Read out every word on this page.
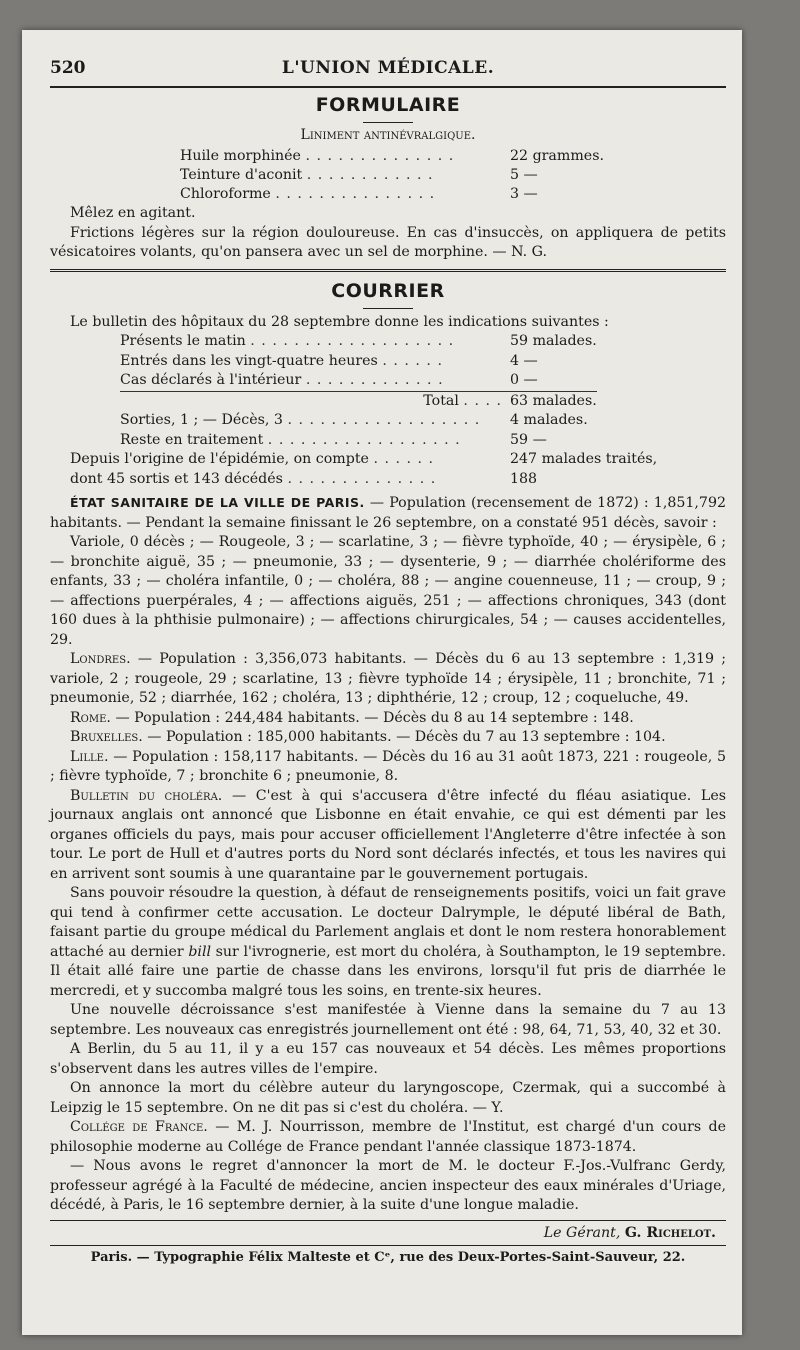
520	L'UNION MÉDICALE.
FORMULAIRE
Liniment antinévralgique.
Huile morphinée . . . . . . . . . . . . . .	22 grammes.
Teinture d'aconit . . . . . . . . . . . .	5 —
Chloroforme . . . . . . . . . . . . . . .	3 —

Mêlez en agitant.

Frictions légères sur la région douloureuse. En cas d'insuccès, on appliquera de petits vésicatoires volants, qu'on pansera avec un sel de morphine. — N. G.

COURRIER

Le bulletin des hôpitaux du 28 septembre donne les indications suivantes :

Présents le matin . . . . . . . . . . . . . . . . . . .	59 malades.
Entrés dans les vingt-quatre heures . . . . . .	4 —
Cas déclarés à l'intérieur . . . . . . . . . . . . .	0 —
Total . . . .	63 malades.
Sorties, 1 ; — Décès, 3 . . . . . . . . . . . . . . . . . .	4 malades.
Reste en traitement . . . . . . . . . . . . . . . . . .	59 —
Depuis l'origine de l'épidémie, on compte . . . . . .	247 malades traités,
dont 45 sortis et 143 décédés . . . . . . . . . . . . . .	188

ÉTAT SANITAIRE DE LA VILLE DE PARIS. — Population (recensement de 1872) : 1,851,792 habitants. — Pendant la semaine finissant le 26 septembre, on a constaté 951 décès, savoir :

Variole, 0 décès ; — Rougeole, 3 ; — scarlatine, 3 ; — fièvre typhoïde, 40 ; — érysipèle, 6 ; — bronchite aiguë, 35 ; — pneumonie, 33 ; — dysenterie, 9 ; — diarrhée cholériforme des enfants, 33 ; — choléra infantile, 0 ; — choléra, 88 ; — angine couenneuse, 11 ; — croup, 9 ; — affections puerpérales, 4 ; — affections aiguës, 251 ; — affections chroniques, 343 (dont 160 dues à la phthisie pulmonaire) ; — affections chirurgicales, 54 ; — causes accidentelles, 29.

Londres. — Population : 3,356,073 habitants. — Décès du 6 au 13 septembre : 1,319 ; variole, 2 ; rougeole, 29 ; scarlatine, 13 ; fièvre typhoïde 14 ; érysipèle, 11 ; bronchite, 71 ; pneumonie, 52 ; diarrhée, 162 ; choléra, 13 ; diphthérie, 12 ; croup, 12 ; coqueluche, 49.

Rome. — Population : 244,484 habitants. — Décès du 8 au 14 septembre : 148.

Bruxelles. — Population : 185,000 habitants. — Décès du 7 au 13 septembre : 104.

Lille. — Population : 158,117 habitants. — Décès du 16 au 31 août 1873, 221 : rougeole, 5 ; fièvre typhoïde, 7 ; bronchite 6 ; pneumonie, 8.

Bulletin du choléra. — C'est à qui s'accusera d'être infecté du fléau asiatique. Les journaux anglais ont annoncé que Lisbonne en était envahie, ce qui est démenti par les organes officiels du pays, mais pour accuser officiellement l'Angleterre d'être infectée à son tour. Le port de Hull et d'autres ports du Nord sont déclarés infectés, et tous les navires qui en arrivent sont soumis à une quarantaine par le gouvernement portugais.

Sans pouvoir résoudre la question, à défaut de renseignements positifs, voici un fait grave qui tend à confirmer cette accusation. Le docteur Dalrymple, le député libéral de Bath, faisant partie du groupe médical du Parlement anglais et dont le nom restera honorablement attaché au dernier bill sur l'ivrognerie, est mort du choléra, à Southampton, le 19 septembre. Il était allé faire une partie de chasse dans les environs, lorsqu'il fut pris de diarrhée le mercredi, et y succomba malgré tous les soins, en trente-six heures.

Une nouvelle décroissance s'est manifestée à Vienne dans la semaine du 7 au 13 septembre. Les nouveaux cas enregistrés journellement ont été : 98, 64, 71, 53, 40, 32 et 30.

A Berlin, du 5 au 11, il y a eu 157 cas nouveaux et 54 décès. Les mêmes proportions s'observent dans les autres villes de l'empire.

On annonce la mort du célèbre auteur du laryngoscope, Czermak, qui a succombé à Leipzig le 15 septembre. On ne dit pas si c'est du choléra. — Y.

Collége de France. — M. J. Nourrisson, membre de l'Institut, est chargé d'un cours de philosophie moderne au Collége de France pendant l'année classique 1873-1874.

— Nous avons le regret d'annoncer la mort de M. le docteur F.-Jos.-Vulfranc Gerdy, professeur agrégé à la Faculté de médecine, ancien inspecteur des eaux minérales d'Uriage, décédé, à Paris, le 16 septembre dernier, à la suite d'une longue maladie.

Le Gérant, G. Richelot.
Paris. — Typographie Félix Malteste et Cᵉ, rue des Deux-Portes-Saint-Sauveur, 22.
